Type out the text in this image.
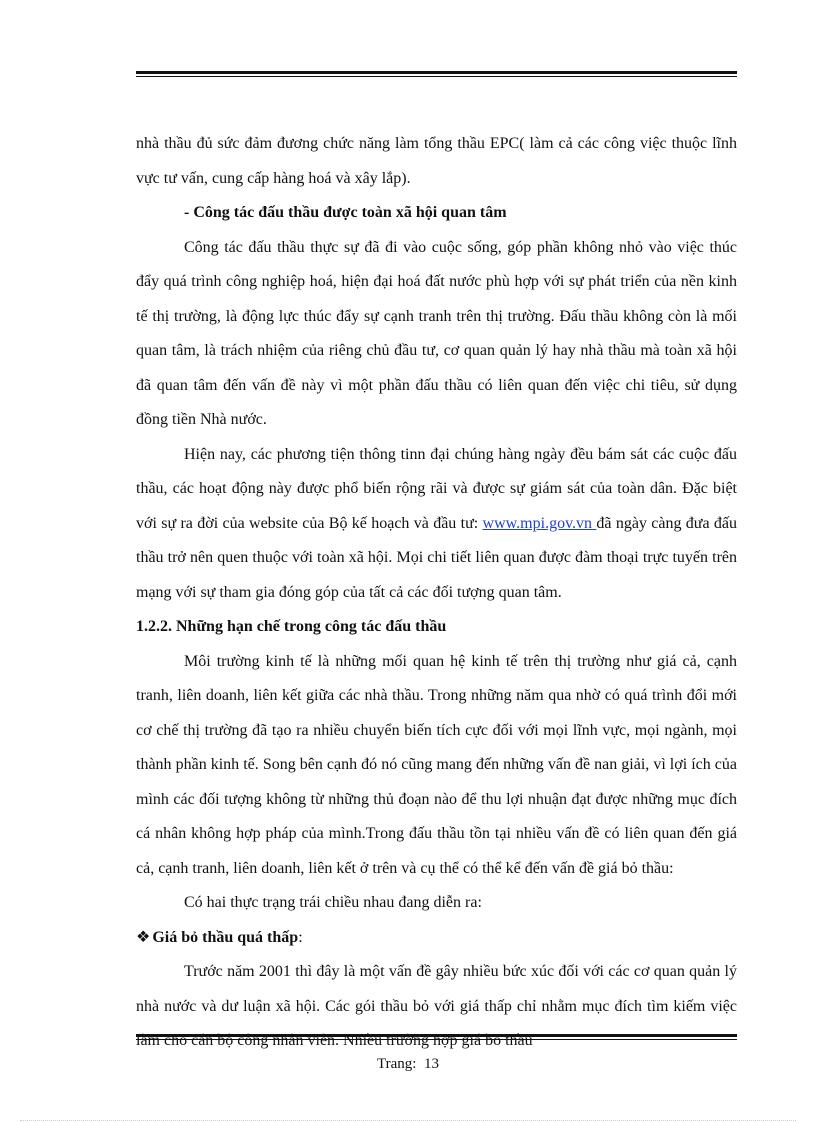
nhà thầu đủ sức đảm đương chức năng làm tổng thầu EPC( làm cả các công việc thuộc lĩnh vực tư vấn, cung cấp hàng hoá và xây lắp).

- Công tác đấu thầu được toàn xã hội quan tâm

Công tác đấu thầu thực sự đã đi vào cuộc sống, góp phần không nhỏ vào việc thúc đẩy quá trình công nghiệp hoá, hiện đại hoá đất nước phù hợp với sự phát triển của nền kinh tế thị trường, là động lực thúc đẩy sự cạnh tranh trên thị trường. Đấu thầu không còn là mối quan tâm, là trách nhiệm của riêng chủ đầu tư, cơ quan quản lý hay nhà thầu mà toàn xã hội đã quan tâm đến vấn đề này vì một phần đấu thầu có liên quan đến việc chi tiêu, sử dụng đồng tiền Nhà nước.

Hiện nay, các phương tiện thông tinn đại chúng hàng ngày đều bám sát các cuộc đấu thầu, các hoạt động này được phổ biến rộng rãi và được sự giám sát của toàn dân. Đặc biệt với sự ra đời của website của Bộ kế hoạch và đầu tư: www.mpi.gov.vn đã ngày càng đưa đấu thầu trở nên quen thuộc với toàn xã hội. Mọi chi tiết liên quan được đàm thoại trực tuyến trên mạng với sự tham gia đóng góp của tất cả các đối tượng quan tâm.

1.2.2. Những hạn chế trong công tác đấu thầu

Môi trường kinh tế là những mối quan hệ kinh tế trên thị trường như giá cả, cạnh tranh, liên doanh, liên kết giữa các nhà thầu. Trong những năm qua nhờ có quá trình đổi mới cơ chế thị trường đã tạo ra nhiều chuyển biến tích cực đối với mọi lĩnh vực, mọi ngành, mọi thành phần kinh tế. Song bên cạnh đó nó cũng mang đến những vấn đề nan giải, vì lợi ích của mình các đối tượng không từ những thủ đoạn nào để thu lợi nhuận đạt được những mục đích cá nhân không hợp pháp của mình.Trong đấu thầu tồn tại nhiều vấn đề có liên quan đến giá cả, cạnh tranh, liên doanh, liên kết ở trên và cụ thể có thể kể đến vấn đề giá bỏ thầu:

Có hai thực trạng trái chiều nhau đang diễn ra:

❖ Giá bỏ thầu quá thấp:

Trước năm 2001 thì đây là một vấn đề gây nhiều bức xúc đối với các cơ quan quản lý nhà nước và dư luận xã hội. Các gói thầu bỏ với giá thấp chỉ nhằm mục đích tìm kiếm việc làm cho cán bộ công nhân viên. Nhiều trường hợp giá bỏ thầu

Trang: 13
